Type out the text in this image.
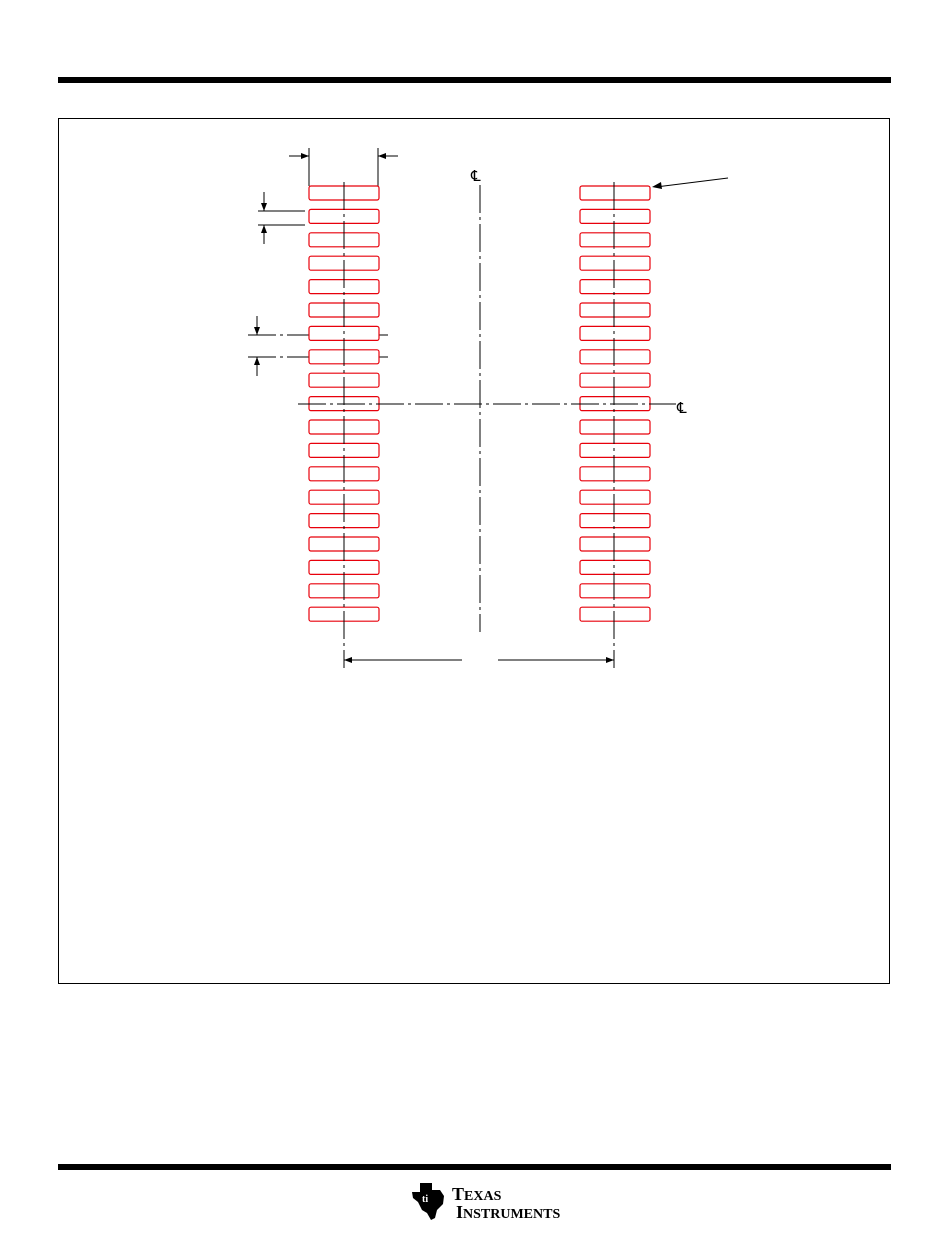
℄
℄
ti TEXAS
INSTRUMENTS
